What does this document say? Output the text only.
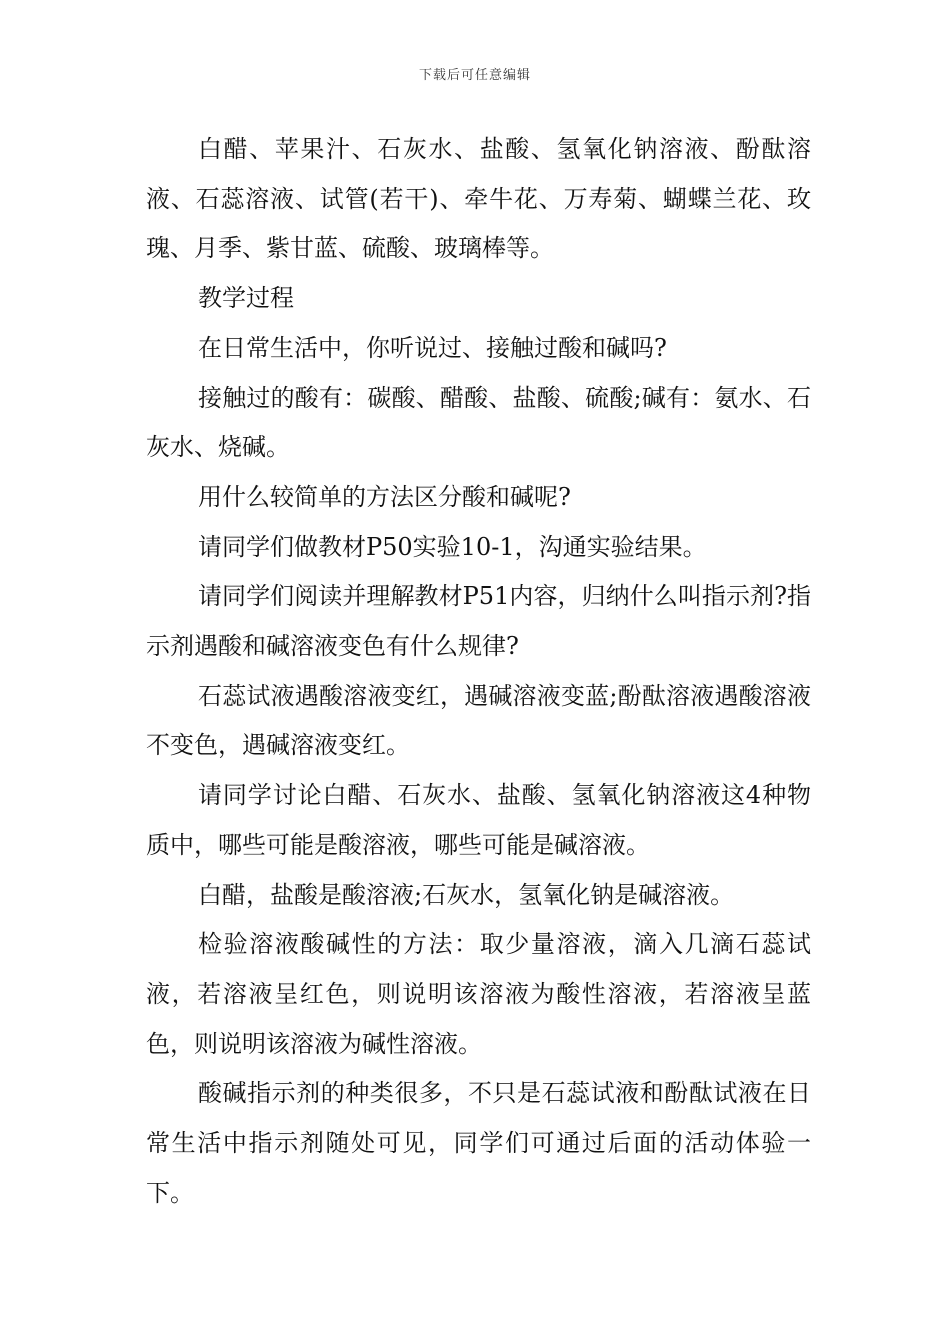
下载后可任意编辑

白醋、苹果汁、石灰水、盐酸、氢氧化钠溶液、酚酞溶液、石蕊溶液、试管(若干)、牵牛花、万寿菊、蝴蝶兰花、玫瑰、月季、紫甘蓝、硫酸、玻璃棒等。

教学过程

在日常生活中，你听说过、接触过酸和碱吗?

接触过的酸有：碳酸、醋酸、盐酸、硫酸;碱有：氨水、石灰水、烧碱。

用什么较简单的方法区分酸和碱呢?

请同学们做教材P50实验10-1，沟通实验结果。

请同学们阅读并理解教材P51内容，归纳什么叫指示剂?指示剂遇酸和碱溶液变色有什么规律?

石蕊试液遇酸溶液变红，遇碱溶液变蓝;酚酞溶液遇酸溶液不变色，遇碱溶液变红。

请同学讨论白醋、石灰水、盐酸、氢氧化钠溶液这4种物质中，哪些可能是酸溶液，哪些可能是碱溶液。

白醋，盐酸是酸溶液;石灰水，氢氧化钠是碱溶液。

检验溶液酸碱性的方法：取少量溶液，滴入几滴石蕊试液，若溶液呈红色，则说明该溶液为酸性溶液，若溶液呈蓝色，则说明该溶液为碱性溶液。

酸碱指示剂的种类很多，不只是石蕊试液和酚酞试液在日常生活中指示剂随处可见，同学们可通过后面的活动体验一下。
